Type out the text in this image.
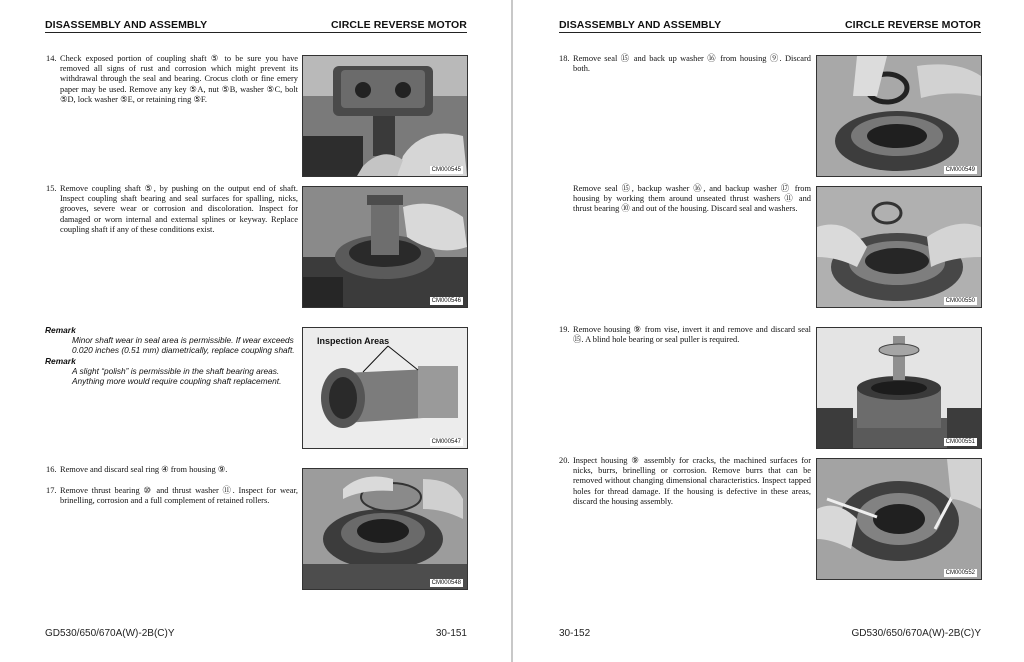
DISASSEMBLY AND ASSEMBLY	CIRCLE REVERSE MOTOR
14. Check exposed portion of coupling shaft ⑤ to be sure you have removed all signs of rust and corrosion which might prevent its withdrawal through the seal and bearing. Crocus cloth or fine emery paper may be used. Remove any key ⑤A, nut ⑤B, washer ⑤C, bolt ⑤D, lock washer ⑤E, or retaining ring ⑤F.
15. Remove coupling shaft ⑤, by pushing on the output end of shaft. Inspect coupling shaft bearing and seal surfaces for spalling, nicks, grooves, severe wear or corrosion and discoloration. Inspect for damaged or worn internal and external splines or keyway. Replace coupling shaft if any of these conditions exist.
Remark
Minor shaft wear in seal area is permissible. If wear exceeds 0.020 inches (0.51 mm) diametrically, replace coupling shaft.
Remark
A slight “polish” is permissible in the shaft bearing areas. Anything more would require coupling shaft replacement.
16. Remove and discard seal ring ④ from housing ⑨.
17. Remove thrust bearing ⑩ and thrust washer ⑪. Inspect for wear, brinelling, corrosion and a full complement of retained rollers.
CM000545
CM000546
Inspection Areas
CM000547
CM000548
GD530/650/670A(W)-2B(C)Y	30-151
DISASSEMBLY AND ASSEMBLY	CIRCLE REVERSE MOTOR
18. Remove seal ⑮ and back up washer ⑯ from housing ⑨. Discard both.
Remove seal ⑮, backup washer ⑯, and backup washer ⑰ from housing by working them around unseated thrust washers ⑪ and thrust bearing ⑩ and out of the housing. Discard seal and washers.
19. Remove housing ⑨ from vise, invert it and remove and discard seal ⑮. A blind hole bearing or seal puller is required.
20. Inspect housing ⑨ assembly for cracks, the machined surfaces for nicks, burrs, brinelling or corrosion. Remove burrs that can be removed without changing dimensional characteristics. Inspect tapped holes for thread damage. If the housing is defective in these areas, discard the housing assembly.
CM000549
CM000550
CM000551
CM000552
30-152	GD530/650/670A(W)-2B(C)Y
